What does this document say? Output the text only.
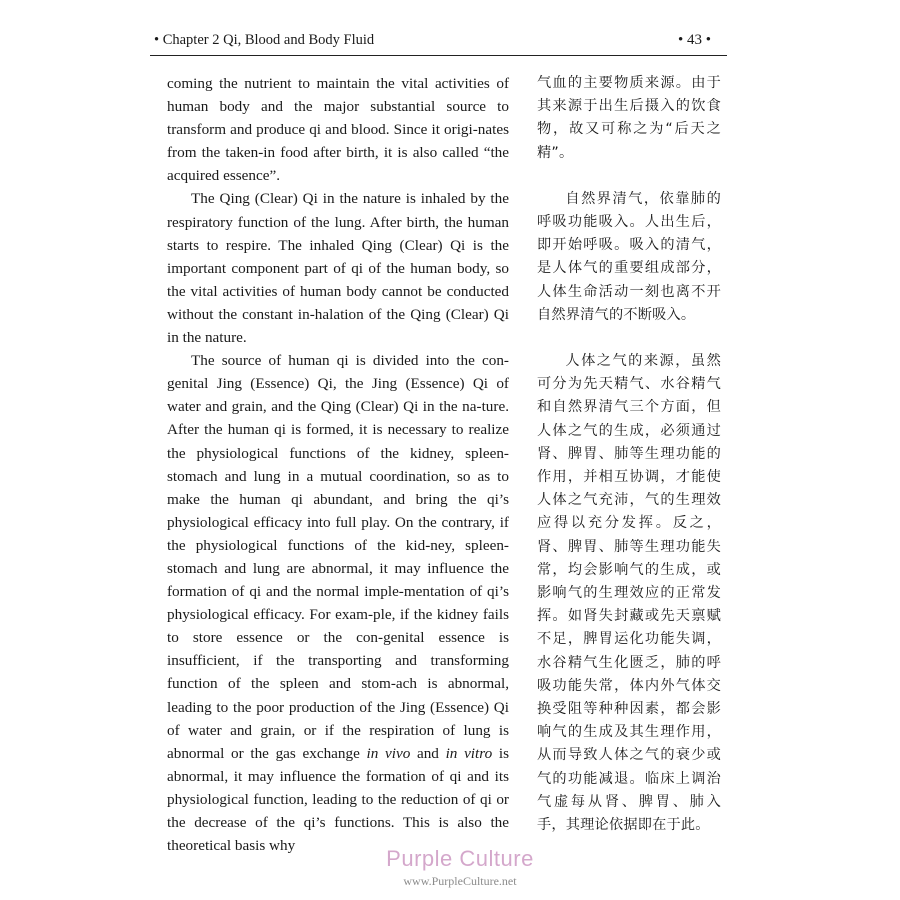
• Chapter 2 Qi, Blood and Body Fluid	• 43 •

coming the nutrient to maintain the vital activities of human body and the major substantial source to transform and produce qi and blood. Since it origi-nates from the taken-in food after birth, it is also called “the acquired essence”.

The Qing (Clear) Qi in the nature is inhaled by the respiratory function of the lung. After birth, the human starts to respire. The inhaled Qing (Clear) Qi is the important component part of qi of the human body, so the vital activities of human body cannot be conducted without the constant in-halation of the Qing (Clear) Qi in the nature.

The source of human qi is divided into the con-genital Jing (Essence) Qi, the Jing (Essence) Qi of water and grain, and the Qing (Clear) Qi in the na-ture. After the human qi is formed, it is necessary to realize the physiological functions of the kidney, spleen-stomach and lung in a mutual coordination, so as to make the human qi abundant, and bring the qi’s physiological efficacy into full play. On the contrary, if the physiological functions of the kid-ney, spleen-stomach and lung are abnormal, it may influence the formation of qi and the normal imple-mentation of qi’s physiological efficacy. For exam-ple, if the kidney fails to store essence or the con-genital essence is insufficient, if the transporting and transforming function of the spleen and stom-ach is abnormal, leading to the poor production of the Jing (Essence) Qi of water and grain, or if the respiration of lung is abnormal or the gas exchange in vivo and in vitro is abnormal, it may influence the formation of qi and its physiological function, leading to the reduction of qi or the decrease of the qi’s functions. This is also the theoretical basis why

气血的主要物质来源。由于其来源于出生后摄入的饮食物，故又可称之为“后天之精”。

自然界清气，依靠肺的呼吸功能吸入。人出生后，即开始呼吸。吸入的清气，是人体气的重要组成部分，人体生命活动一刻也离不开自然界清气的不断吸入。

人体之气的来源，虽然可分为先天精气、水谷精气和自然界清气三个方面，但人体之气的生成，必须通过肾、脾胃、肺等生理功能的作用，并相互协调，才能使人体之气充沛，气的生理效应得以充分发挥。反之，肾、脾胃、肺等生理功能失常，均会影响气的生成，或影响气的生理效应的正常发挥。如肾失封藏或先天禀赋不足，脾胃运化功能失调，水谷精气生化匮乏，肺的呼吸功能失常，体内外气体交换受阻等种种因素，都会影响气的生成及其生理作用，从而导致人体之气的衰少或气的功能减退。临床上调治气虚每从肾、脾胃、肺入手，其理论依据即在于此。

Purple Culture
www.PurpleCulture.net
